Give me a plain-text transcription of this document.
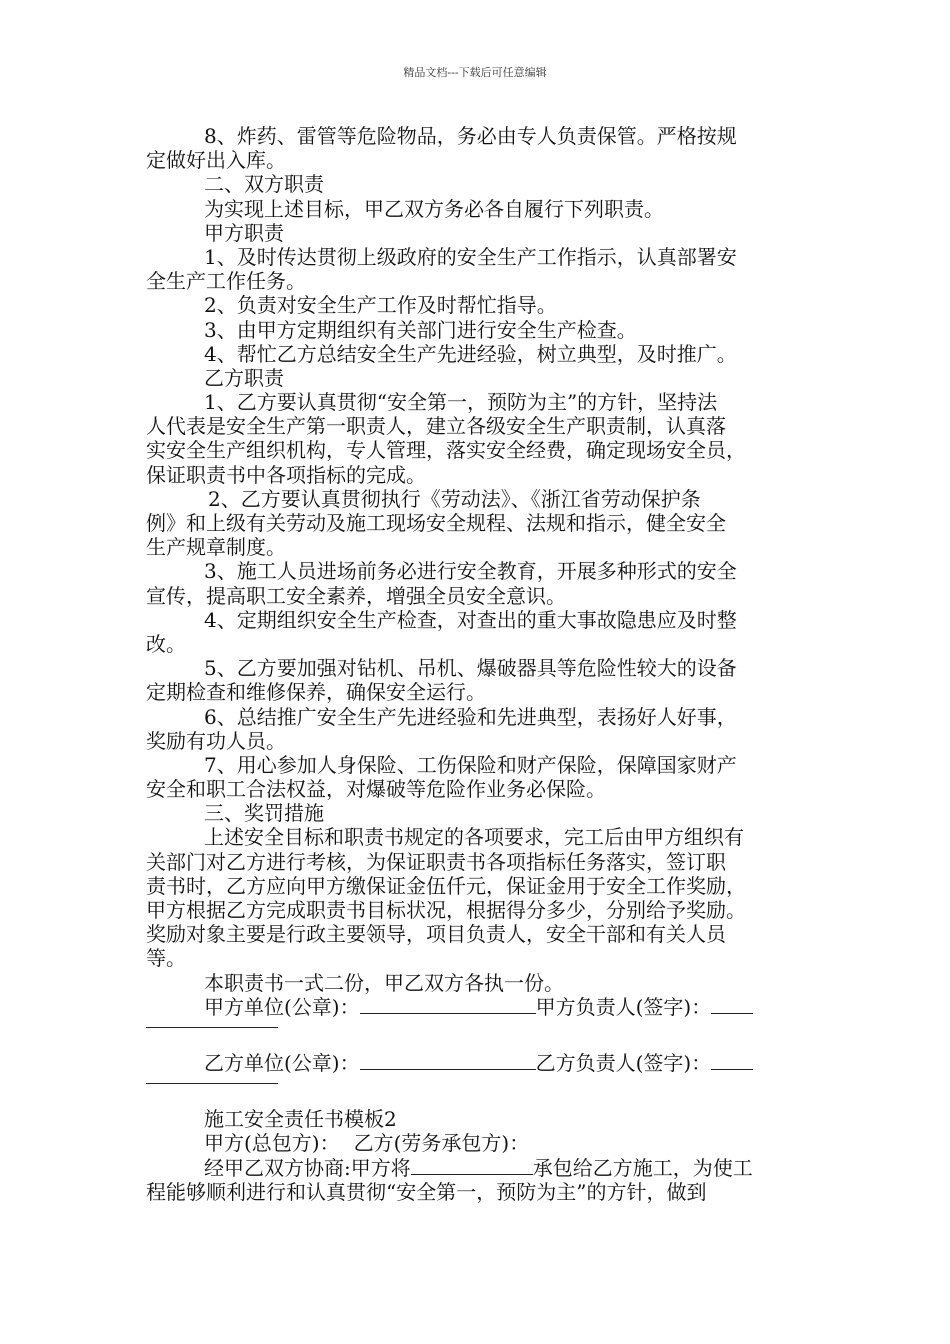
精品文档---下载后可任意编辑
8、炸药、雷管等危险物品，务必由专人负责保管。严格按规
定做好出入库。
二、双方职责
为实现上述目标，甲乙双方务必各自履行下列职责。
甲方职责
1、及时传达贯彻上级政府的安全生产工作指示，认真部署安
全生产工作任务。
2、负责对安全生产工作及时帮忙指导。
3、由甲方定期组织有关部门进行安全生产检查。
4、帮忙乙方总结安全生产先进经验，树立典型，及时推广。
乙方职责
1、乙方要认真贯彻“安全第一，预防为主”的方针，坚持法
人代表是安全生产第一职责人，建立各级安全生产职责制，认真落
实安全生产组织机构，专人管理，落实安全经费，确定现场安全员，
保证职责书中各项指标的完成。
2、乙方要认真贯彻执行《劳动法》、《浙江省劳动保护条
例》和上级有关劳动及施工现场安全规程、法规和指示，健全安全
生产规章制度。
3、施工人员进场前务必进行安全教育，开展多种形式的安全
宣传，提高职工安全素养，增强全员安全意识。
4、定期组织安全生产检查，对查出的重大事故隐患应及时整
改。
5、乙方要加强对钻机、吊机、爆破器具等危险性较大的设备
定期检查和维修保养，确保安全运行。
6、总结推广安全生产先进经验和先进典型，表扬好人好事，
奖励有功人员。
7、用心参加人身保险、工伤保险和财产保险，保障国家财产
安全和职工合法权益，对爆破等危险作业务必保险。
三、奖罚措施
上述安全目标和职责书规定的各项要求，完工后由甲方组织有
关部门对乙方进行考核，为保证职责书各项指标任务落实，签订职
责书时，乙方应向甲方缴保证金伍仟元，保证金用于安全工作奖励，
甲方根据乙方完成职责书目标状况，根据得分多少，分别给予奖励。
奖励对象主要是行政主要领导，项目负责人，安全干部和有关人员
等。
本职责书一式二份，甲乙双方各执一份。
甲方单位(公章)：	甲方负责人(签字)：
乙方单位(公章)：	乙方负责人(签字)：
施工安全责任书模板2
甲方(总包方)： 乙方(劳务承包方)：
经甲乙双方协商:甲方将	承包给乙方施工，为使工
程能够顺利进行和认真贯彻“安全第一，预防为主”的方针，做到
